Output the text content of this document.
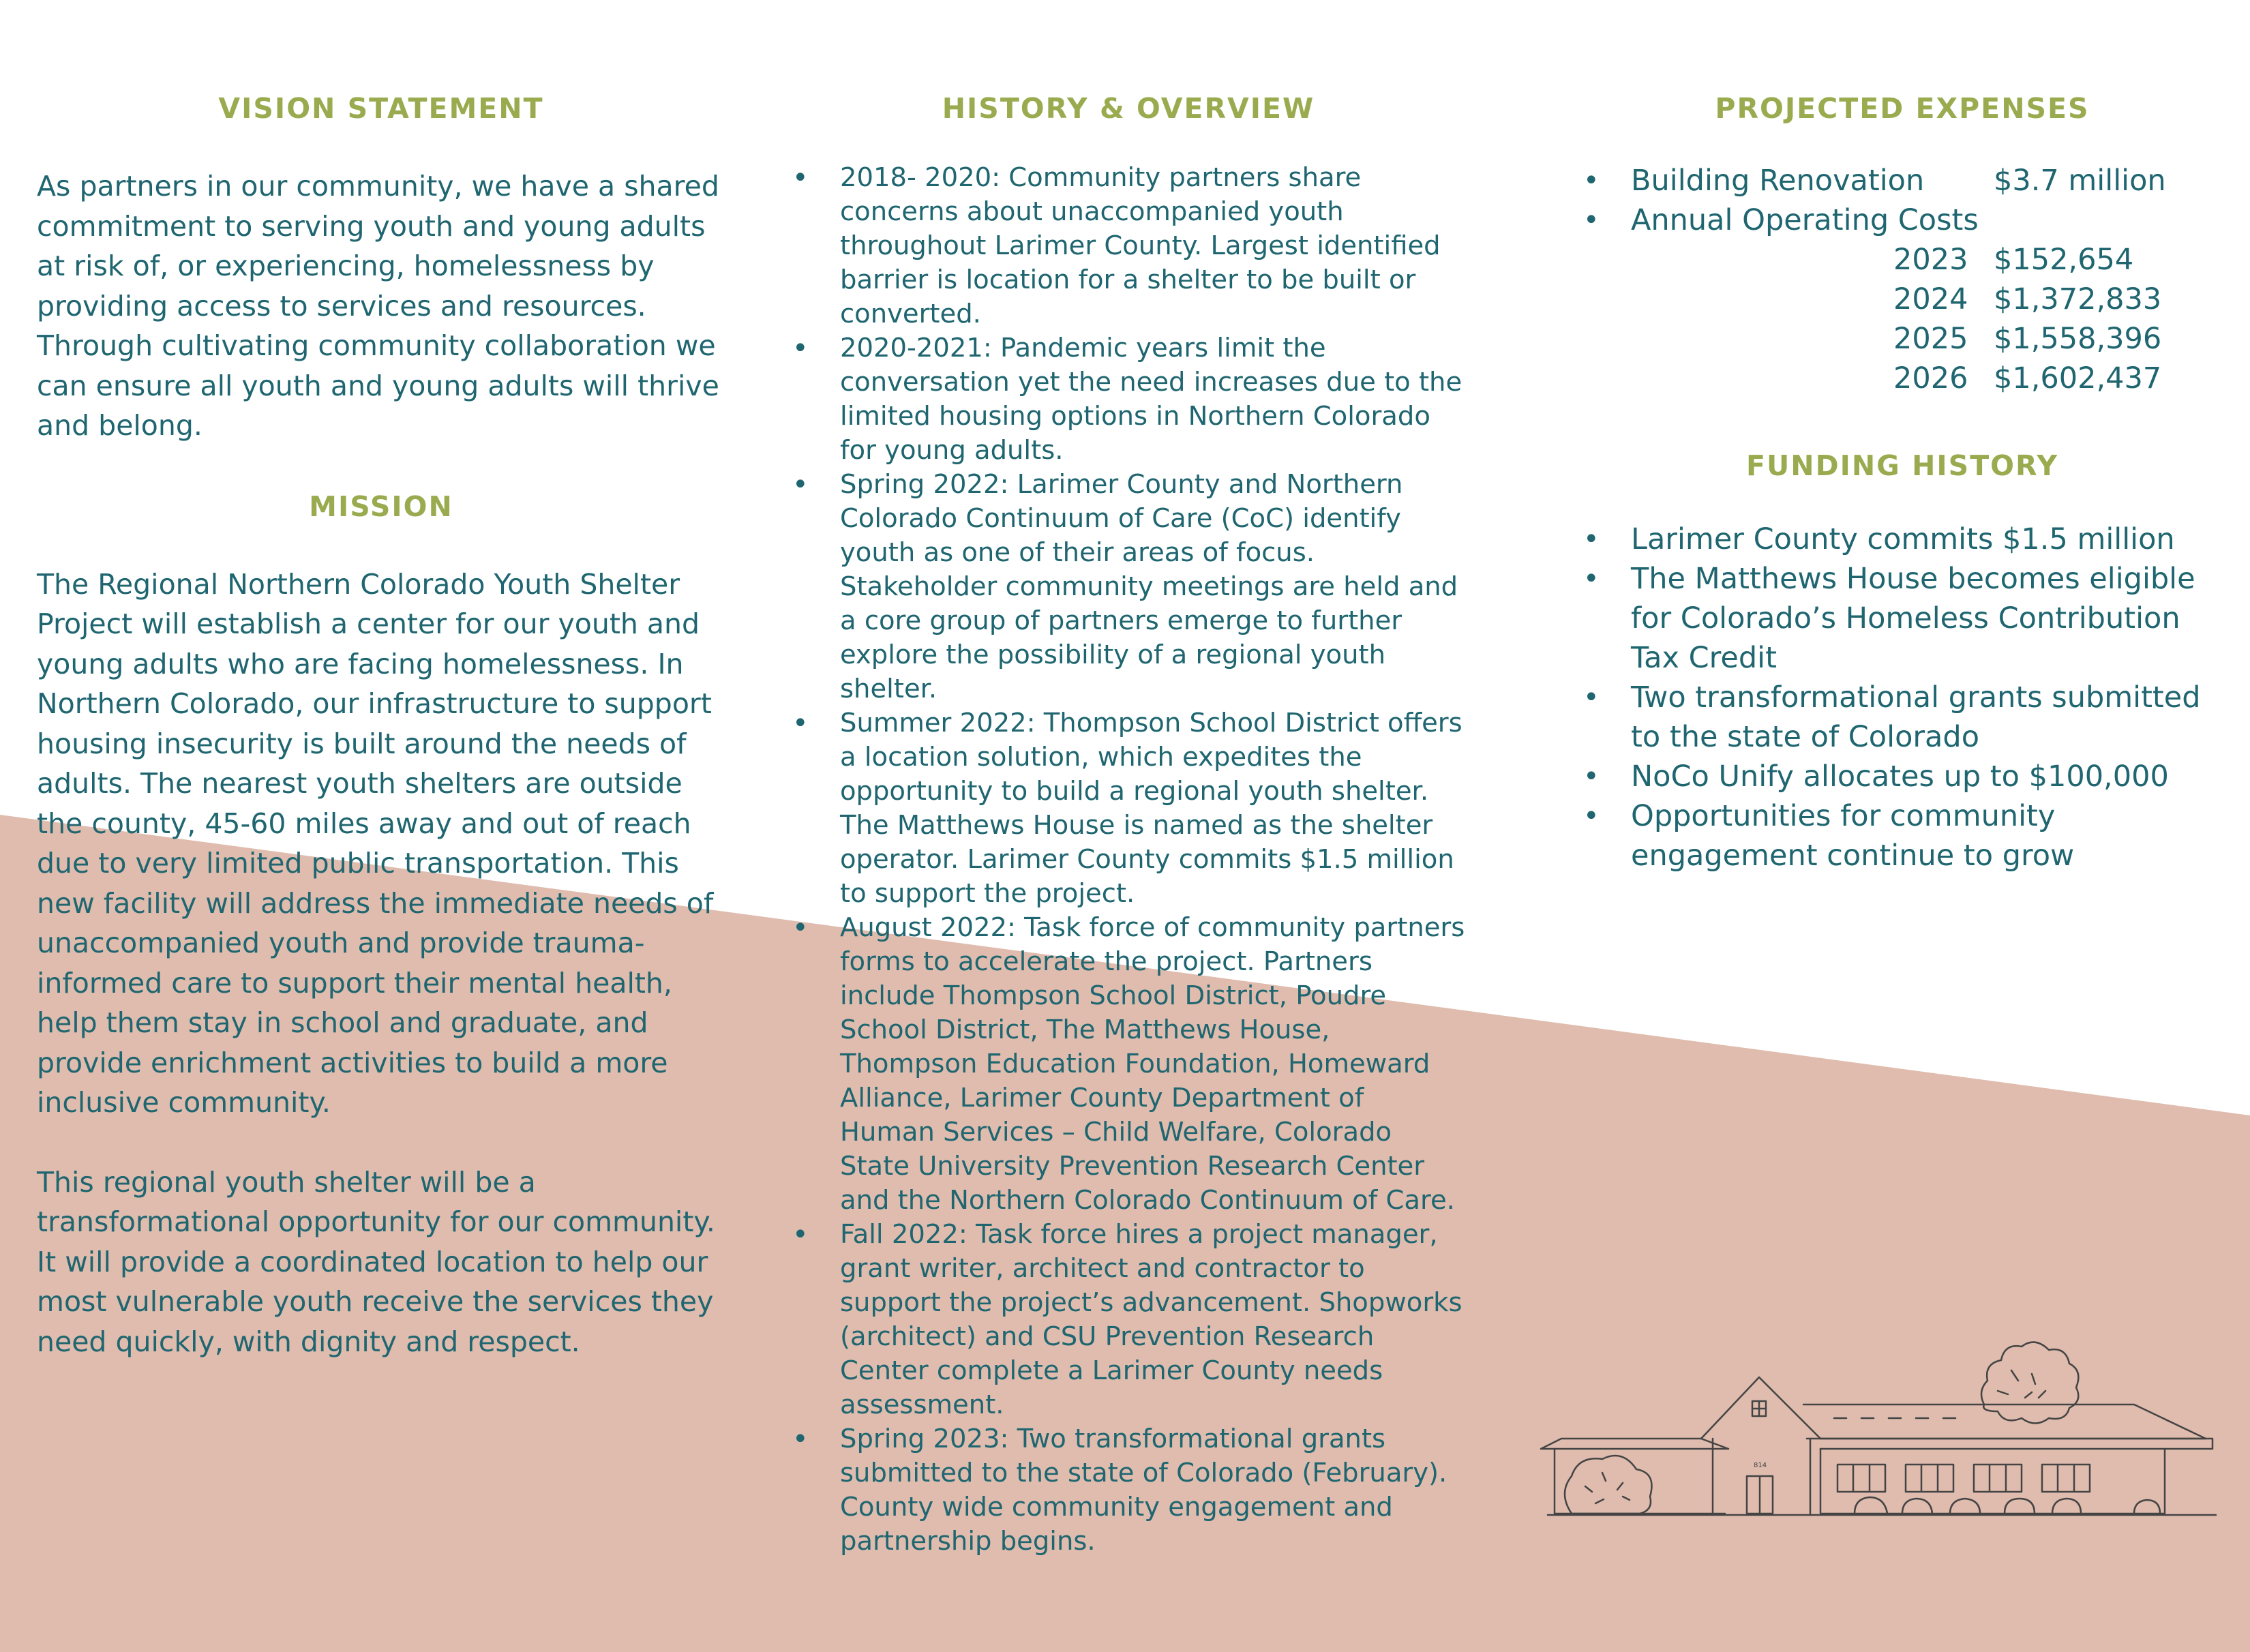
VISION STATEMENT

As partners in our community, we have a shared commitment to serving youth and young adults at risk of, or experiencing, homelessness by providing access to services and resources. Through cultivating community collaboration we can ensure all youth and young adults will thrive and belong.

MISSION

The Regional Northern Colorado Youth Shelter Project will establish a center for our youth and young adults who are facing homelessness. In Northern Colorado, our infrastructure to support housing insecurity is built around the needs of adults. The nearest youth shelters are outside the county, 45-60 miles away and out of reach due to very limited public transportation. This new facility will address the immediate needs of unaccompanied youth and provide trauma-informed care to support their mental health, help them stay in school and graduate, and provide enrichment activities to build a more inclusive community.

This regional youth shelter will be a transformational opportunity for our community. It will provide a coordinated location to help our most vulnerable youth receive the services they need quickly, with dignity and respect.

HISTORY & OVERVIEW
• 2018- 2020: Community partners share concerns about unaccompanied youth throughout Larimer County. Largest identified barrier is location for a shelter to be built or converted.
• 2020-2021: Pandemic years limit the conversation yet the need increases due to the limited housing options in Northern Colorado for young adults.
• Spring 2022: Larimer County and Northern Colorado Continuum of Care (CoC) identify youth as one of their areas of focus. Stakeholder community meetings are held and a core group of partners emerge to further explore the possibility of a regional youth shelter.
• Summer 2022: Thompson School District offers a location solution, which expedites the opportunity to build a regional youth shelter. The Matthews House is named as the shelter operator. Larimer County commits $1.5 million to support the project.
• August 2022: Task force of community partners forms to accelerate the project. Partners include Thompson School District, Poudre School District, The Matthews House, Thompson Education Foundation, Homeward Alliance, Larimer County Department of Human Services – Child Welfare, Colorado State University Prevention Research Center and the Northern Colorado Continuum of Care.
• Fall 2022: Task force hires a project manager, grant writer, architect and contractor to support the project’s advancement. Shopworks (architect) and CSU Prevention Research Center complete a Larimer County needs assessment.
• Spring 2023: Two transformational grants submitted to the state of Colorado (February). County wide community engagement and partnership begins.
PROJECTED EXPENSES
• Building Renovation $3.7 million
• Annual Operating Costs
2023 $152,654
2024 $1,372,833
2025 $1,558,396
2026 $1,602,437
FUNDING HISTORY
• Larimer County commits $1.5 million
• The Matthews House becomes eligible for Colorado’s Homeless Contribution Tax Credit
• Two transformational grants submitted to the state of Colorado
• NoCo Unify allocates up to $100,000
• Opportunities for community engagement continue to grow
814
